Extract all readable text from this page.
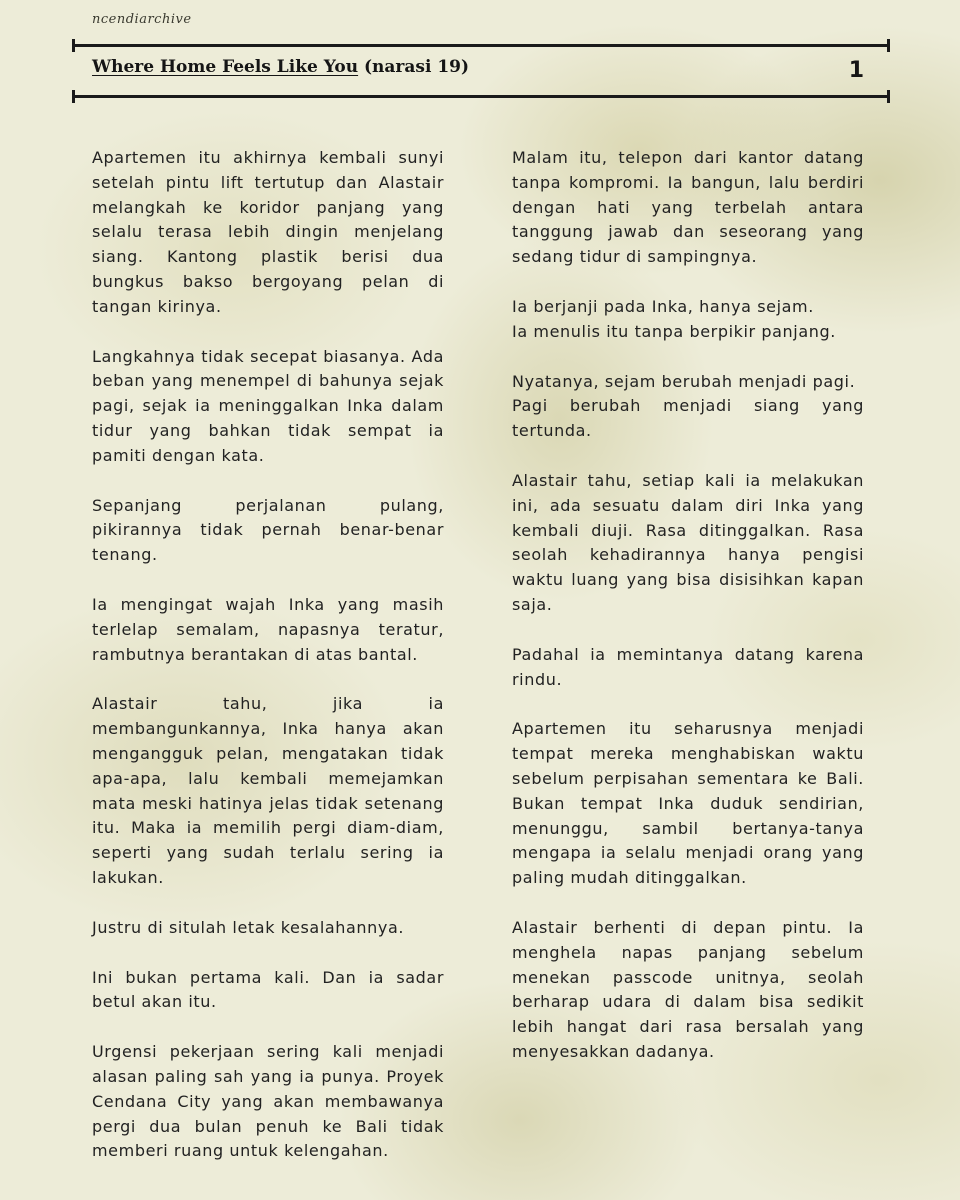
ncendiarchive
Where Home Feels Like You (narasi 19)	1

Apartemen itu akhirnya kembali sunyi setelah pintu lift tertutup dan Alastair melangkah ke koridor panjang yang selalu terasa lebih dingin menjelang siang. Kantong plastik berisi dua bungkus bakso bergoyang pelan di tangan kirinya.

Langkahnya tidak secepat biasanya. Ada beban yang menempel di bahunya sejak pagi, sejak ia meninggalkan Inka dalam tidur yang bahkan tidak sempat ia pamiti dengan kata.

Sepanjang perjalanan pulang, pikirannya tidak pernah benar-benar tenang.

Ia mengingat wajah Inka yang masih terlelap semalam, napasnya teratur, rambutnya berantakan di atas bantal.

Alastair tahu, jika ia membangunkannya, Inka hanya akan mengangguk pelan, mengatakan tidak apa-apa, lalu kembali memejamkan mata meski hatinya jelas tidak setenang itu. Maka ia memilih pergi diam-diam, seperti yang sudah terlalu sering ia lakukan.

Justru di situlah letak kesalahannya.

Ini bukan pertama kali. Dan ia sadar betul akan itu.

Urgensi pekerjaan sering kali menjadi alasan paling sah yang ia punya. Proyek Cendana City yang akan membawanya pergi dua bulan penuh ke Bali tidak memberi ruang untuk kelengahan.

Malam itu, telepon dari kantor datang tanpa kompromi. Ia bangun, lalu berdiri dengan hati yang terbelah antara tanggung jawab dan seseorang yang sedang tidur di sampingnya.

Ia berjanji pada Inka, hanya sejam.

Ia menulis itu tanpa berpikir panjang.

Nyatanya, sejam berubah menjadi pagi.

Pagi berubah menjadi siang yang tertunda.

Alastair tahu, setiap kali ia melakukan ini, ada sesuatu dalam diri Inka yang kembali diuji. Rasa ditinggalkan. Rasa seolah kehadirannya hanya pengisi waktu luang yang bisa disisihkan kapan saja.

Padahal ia memintanya datang karena rindu.

Apartemen itu seharusnya menjadi tempat mereka menghabiskan waktu sebelum perpisahan sementara ke Bali. Bukan tempat Inka duduk sendirian, menunggu, sambil bertanya-tanya mengapa ia selalu menjadi orang yang paling mudah ditinggalkan.

Alastair berhenti di depan pintu. Ia menghela napas panjang sebelum menekan passcode unitnya, seolah berharap udara di dalam bisa sedikit lebih hangat dari rasa bersalah yang menyesakkan dadanya.
